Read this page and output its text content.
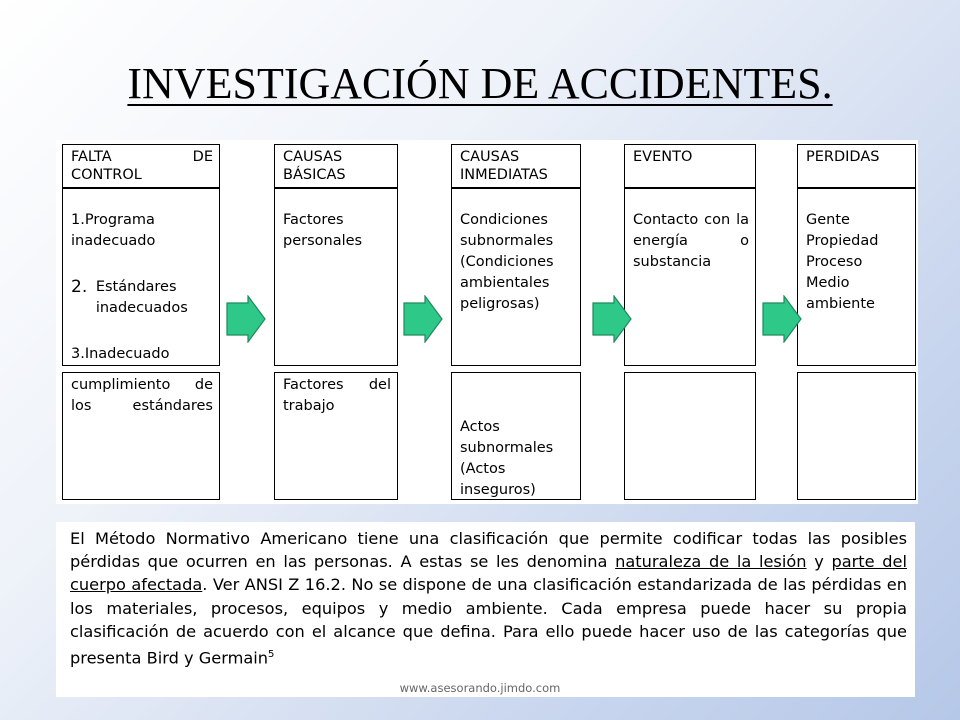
INVESTIGACIÓN DE ACCIDENTES.
FALTA	DE
CONTROL
1.Programa inadecuado
2. Estándares inadecuados
3.Inadecuado
cumplimiento de los estándares
CAUSAS
BÁSICAS
Factores personales
Factores del trabajo
CAUSAS
INMEDIATAS
Condiciones subnormales (Condiciones ambientales peligrosas)
Actos subnormales (Actos inseguros)
EVENTO
Contacto con la energía o substancia
PERDIDAS
Gente
Propiedad
Proceso
Medio
ambiente

El Método Normativo Americano tiene una clasificación que permite codificar todas las posibles pérdidas que ocurren en las personas. A estas se les denomina naturaleza de la lesión y parte del cuerpo afectada. Ver ANSI Z 16.2. No se dispone de una clasificación estandarizada de las pérdidas en los materiales, procesos, equipos y medio ambiente. Cada empresa puede hacer su propia clasificación de acuerdo con el alcance que defina. Para ello puede hacer uso de las categorías que presenta Bird y Germain$^5$

www.asesorando.jimdo.com
